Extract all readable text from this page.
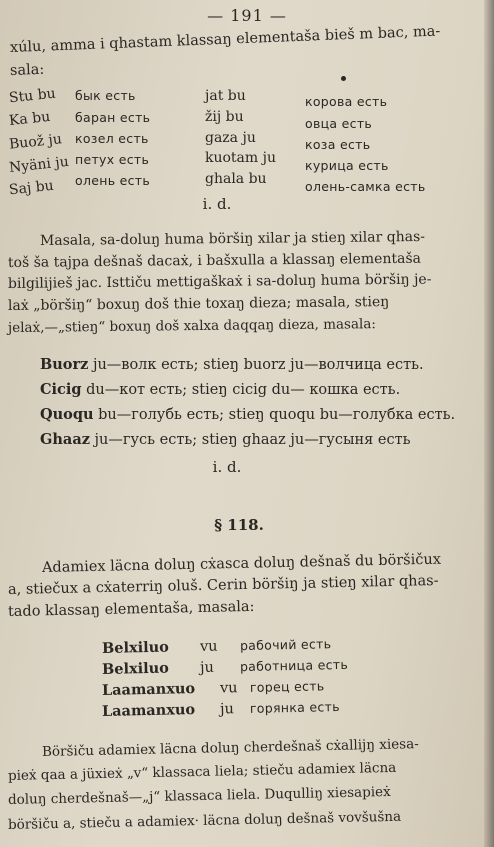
— 191 —
xúlu, amma i qhastam klassaŋ elementaša bieš m bac, ma-
sala:
Stu bu бык есть	jat bu	корова есть
Ka bu баран есть	žij bu	овца есть
Buož ju козел есть	gaza ju	коза есть
Nyäni ju петух есть	kuotam ju курица есть
Saj bu олень есть	ghala bu	олень-самка есть
i. d.
Masala, sa-doluŋ huma böršiŋ xilar ja stieŋ xilar qhas-
toš ša tajpa dešnaš dacaẋ, i bašxulla a klassaŋ elementaša
bilgilijieš jac. Isttiču mettigaškaẋ i sa-doluŋ huma böršiŋ je-
laẋ „böršiŋ“ boxuŋ doš thie toxaŋ dieza; masala, stieŋ
jelaẋ,—„stieŋ“ boxuŋ doš xalxa daqqaŋ dieza, masala:
Buorz ju—волк есть; stieŋ buorz ju—волчица есть.
Cicig du—кот есть; stieŋ cicig du— кошка есть.
Quoqu bu—голубь есть; stieŋ quoqu bu—голубка есть.
Ghaaz ju—гусь есть; stieŋ ghaaz ju—гусыня есть
i. d.
§ 118.
Adamiex läcna doluŋ cẋasca doluŋ dešnaš du böršičux
a, stiečux a cẋaterriŋ oluš. Cerin böršiŋ ja stieŋ xilar qhas-
tado klassaŋ elementaša, masala:
Belxiluo vu рабочий есть
Belxiluo ju работница есть
Laamanxuo vu горец есть
Laamanxuo ju горянка есть
Böršiču adamiex läcna doluŋ cherdešnaš cẋallijŋ xiesa-
pieẋ qaa a jüxieẋ „v“ klassaca liela; stieču adamiex läcna
doluŋ cherdešnaš—„j“ klassaca liela. Duqulliŋ xiesapieẋ
böršiču a, stieču a adamiex· läcna doluŋ dešnaš vovšušna
